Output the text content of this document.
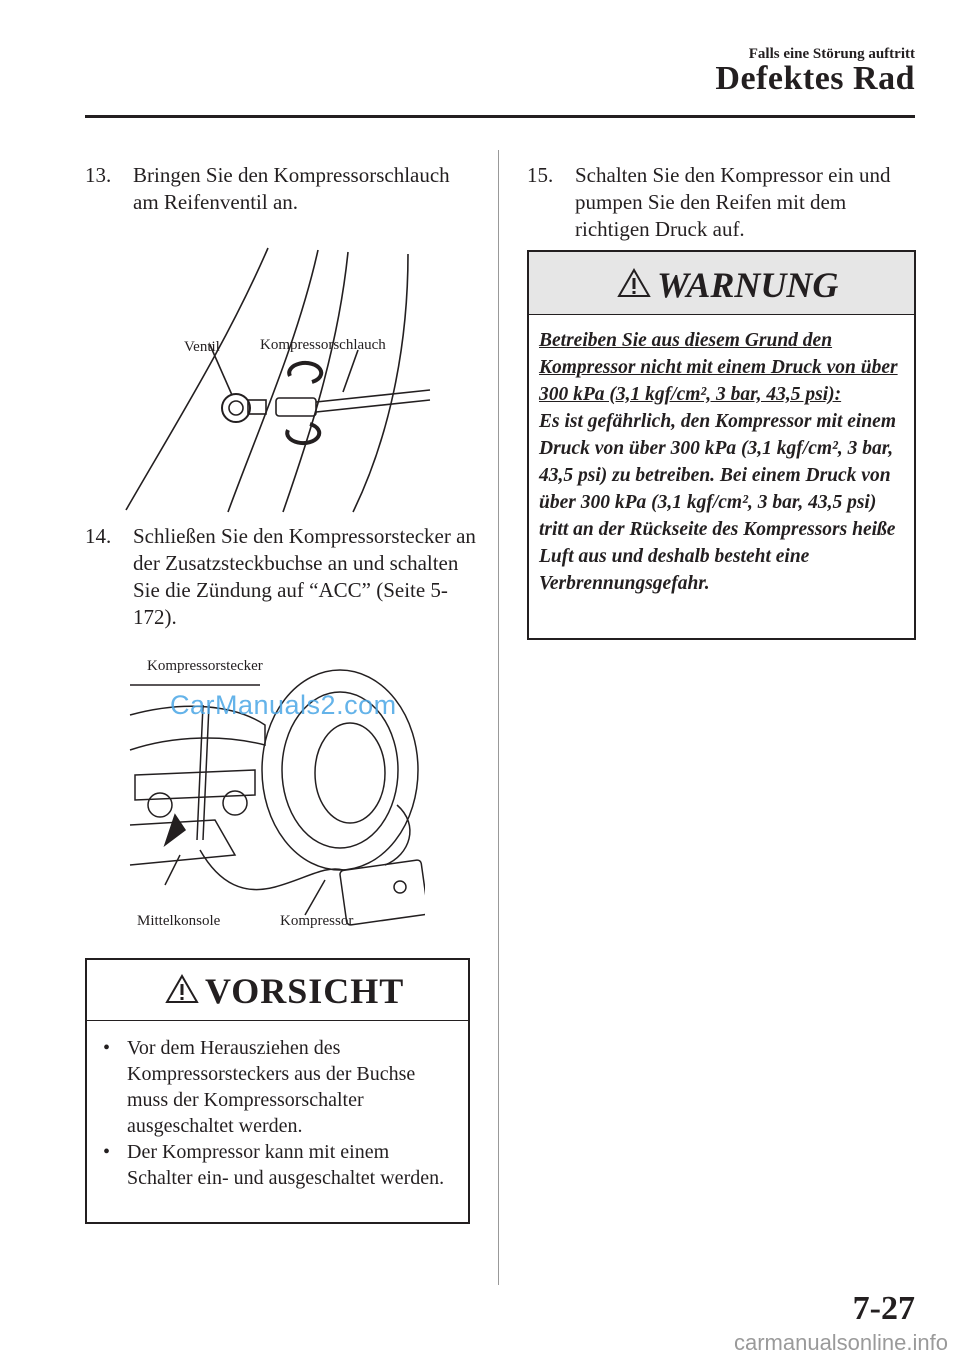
Falls eine Störung auftritt
Defektes Rad
13.	Bringen Sie den Kompressorschlauch am Reifenventil an.
Ventil	Kompressorschlauch
14.	Schließen Sie den Kompressorstecker an der Zusatzsteckbuchse an und schalten Sie die Zündung auf “ACC” (Seite 5-172).
Kompressorstecker
Mittelkonsole	Kompressor
CarManuals2.com
VORSICHT
• Vor dem Herausziehen des Kompressorsteckers aus der Buchse muss der Kompressorschalter ausgeschaltet werden.
• Der Kompressor kann mit einem Schalter ein- und ausgeschaltet werden.
15.	Schalten Sie den Kompressor ein und pumpen Sie den Reifen mit dem richtigen Druck auf.
WARNUNG
Betreiben Sie aus diesem Grund den Kompressor nicht mit einem Druck von über 300 kPa (3,1 kgf/cm², 3 bar, 43,5 psi):
Es ist gefährlich, den Kompressor mit einem Druck von über 300 kPa (3,1 kgf/cm², 3 bar, 43,5 psi) zu betreiben. Bei einem Druck von über 300 kPa (3,1 kgf/cm², 3 bar, 43,5 psi) tritt an der Rückseite des Kompressors heiße Luft aus und deshalb besteht eine Verbrennungsgefahr.
7-27
carmanualsonline.info
